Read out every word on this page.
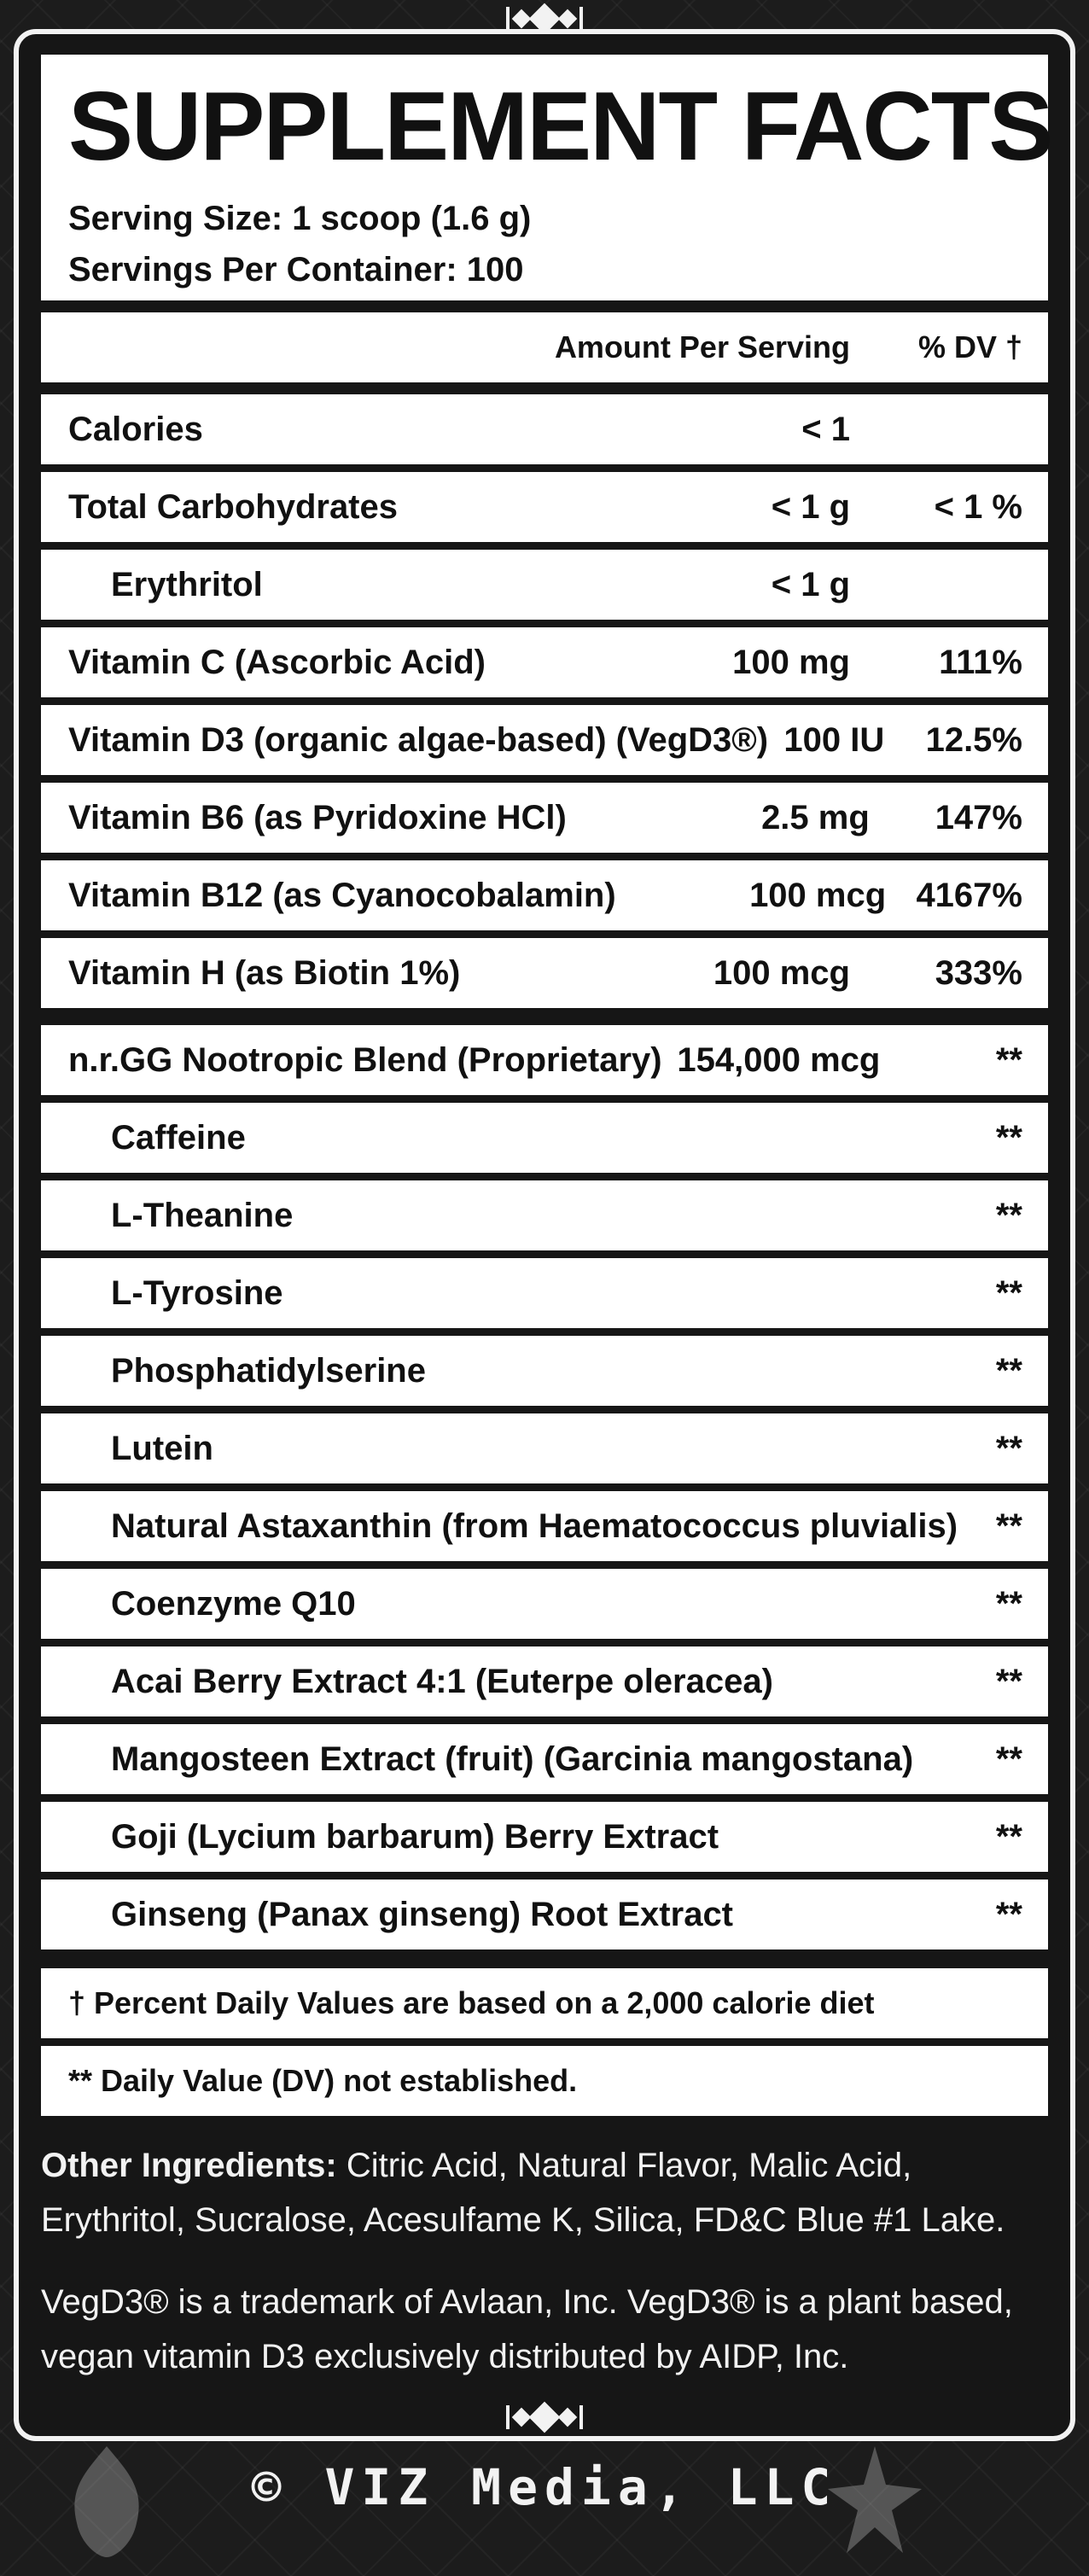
SUPPLEMENT FACTS
Serving Size: 1 scoop (1.6 g)
Servings Per Container: 100
Amount Per Serving	% DV †
Calories	< 1
Total Carbohydrates	< 1 g	< 1 %
Erythritol	< 1 g
Vitamin C (Ascorbic Acid)	100 mg	111%
Vitamin D3 (organic algae-based) (VegD3®) 100 IU	12.5%
Vitamin B6 (as Pyridoxine HCl)	2.5 mg	147%
Vitamin B12 (as Cyanocobalamin)	100 mcg 4167%
Vitamin H (as Biotin 1%)	100 mcg	333%
n.r.GG Nootropic Blend (Proprietary) 154,000 mcg	**
Caffeine	**
L-Theanine	**
L-Tyrosine	**
Phosphatidylserine	**
Lutein	**
Natural Astaxanthin (from Haematococcus pluvialis)	**
Coenzyme Q10	**
Acai Berry Extract 4:1 (Euterpe oleracea)	**
Mangosteen Extract (fruit) (Garcinia mangostana)	**
Goji (Lycium barbarum) Berry Extract	**
Ginseng (Panax ginseng) Root Extract	**
† Percent Daily Values are based on a 2,000 calorie diet
** Daily Value (DV) not established.
Other Ingredients: Citric Acid, Natural Flavor, Malic Acid, Erythritol, Sucralose, Acesulfame K, Silica, FD&C Blue #1 Lake.
VegD3® is a trademark of Avlaan, Inc. VegD3® is a plant based, vegan vitamin D3 exclusively distributed by AIDP, Inc.
© VIZ Media, LLC
